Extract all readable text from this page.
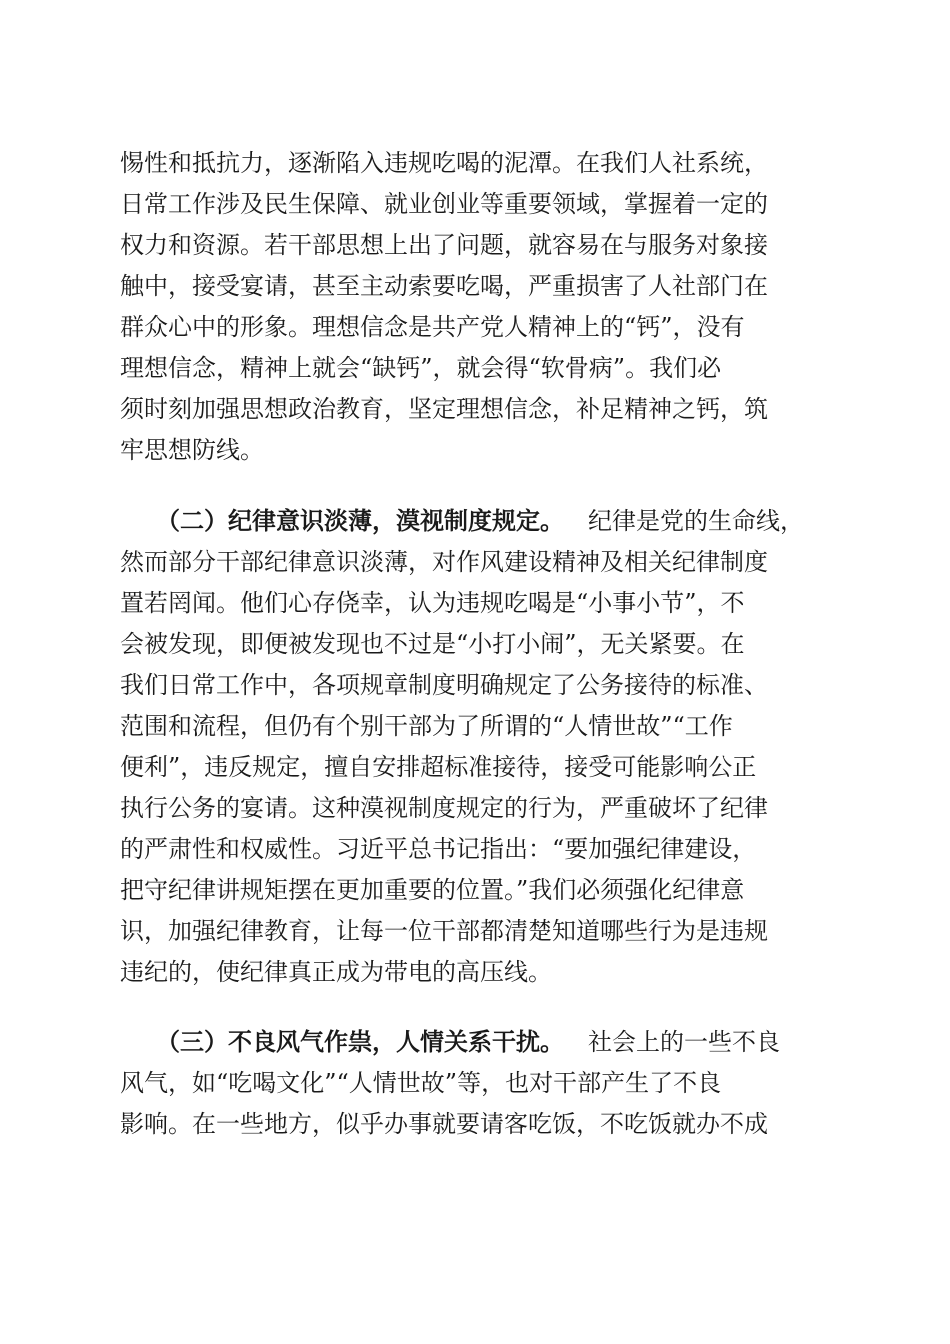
惕性和抵抗力，逐渐陷入违规吃喝的泥潭。在我们人社系统，
日常工作涉及民生保障、就业创业等重要领域，掌握着一定的
权力和资源。若干部思想上出了问题，就容易在与服务对象接
触中，接受宴请，甚至主动索要吃喝，严重损害了人社部门在
群众心中的形象。理想信念是共产党人精神上的“钙”，没有
理想信念，精神上就会“缺钙”，就会得“软骨病”。我们必
须时刻加强思想政治教育，坚定理想信念，补足精神之钙，筑
牢思想防线。
（二）纪律意识淡薄，漠视制度规定。 纪律是党的生命线，
然而部分干部纪律意识淡薄，对作风建设精神及相关纪律制度
置若罔闻。他们心存侥幸，认为违规吃喝是“小事小节”，不
会被发现，即便被发现也不过是“小打小闹”，无关紧要。在
我们日常工作中，各项规章制度明确规定了公务接待的标准、
范围和流程，但仍有个别干部为了所谓的“人情世故”“工作
便利”，违反规定，擅自安排超标准接待，接受可能影响公正
执行公务的宴请。这种漠视制度规定的行为，严重破坏了纪律
的严肃性和权威性。习近平总书记指出：“要加强纪律建设，
把守纪律讲规矩摆在更加重要的位置。”我们必须强化纪律意
识，加强纪律教育，让每一位干部都清楚知道哪些行为是违规
违纪的，使纪律真正成为带电的高压线。
（三）不良风气作祟，人情关系干扰。 社会上的一些不良
风气，如“吃喝文化”“人情世故”等，也对干部产生了不良
影响。在一些地方，似乎办事就要请客吃饭，不吃饭就办不成
